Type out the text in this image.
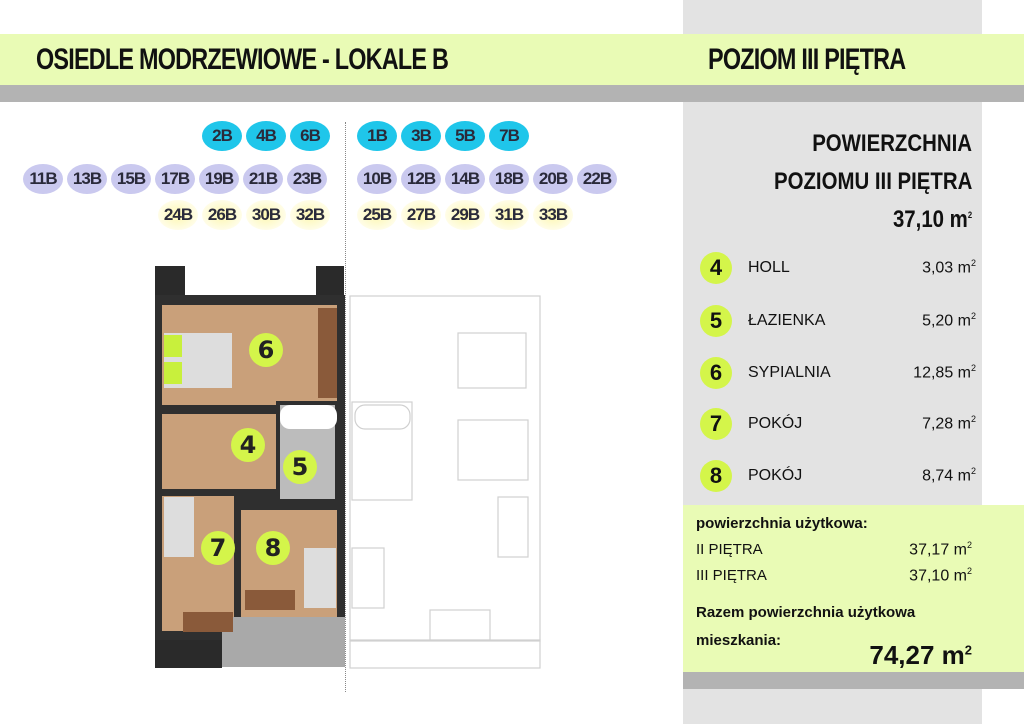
OSIEDLE MODRZEWIOWE - LOKALE B	POZIOM III PIĘTRA
2B	4B	6B	1B	3B	5B	7B
11B 13B 15B 17B 19B 21B 23B	10B 12B 14B 18B 20B 22B
24B 26B 30B 32B	25B 27B 29B 31B 33B
POWIERZCHNIA
POZIOMU III PIĘTRA
37,10 $m^2$
4	HOLL	3,03 $m^2$
5	ŁAZIENKA	5,20 $m^2$
6	SYPIALNIA	12,85 $m^2$
7	POKÓJ	7,28 $m^2$
8	POKÓJ	8,74 $m^2$
powierzchnia użytkowa:
II PIĘTRA	37,17 $m^2$
III PIĘTRA	37,10 $m^2$
Razem powierzchnia użytkowa
mieszkania:	74,27 $m^2$
4
5
6
7	8
